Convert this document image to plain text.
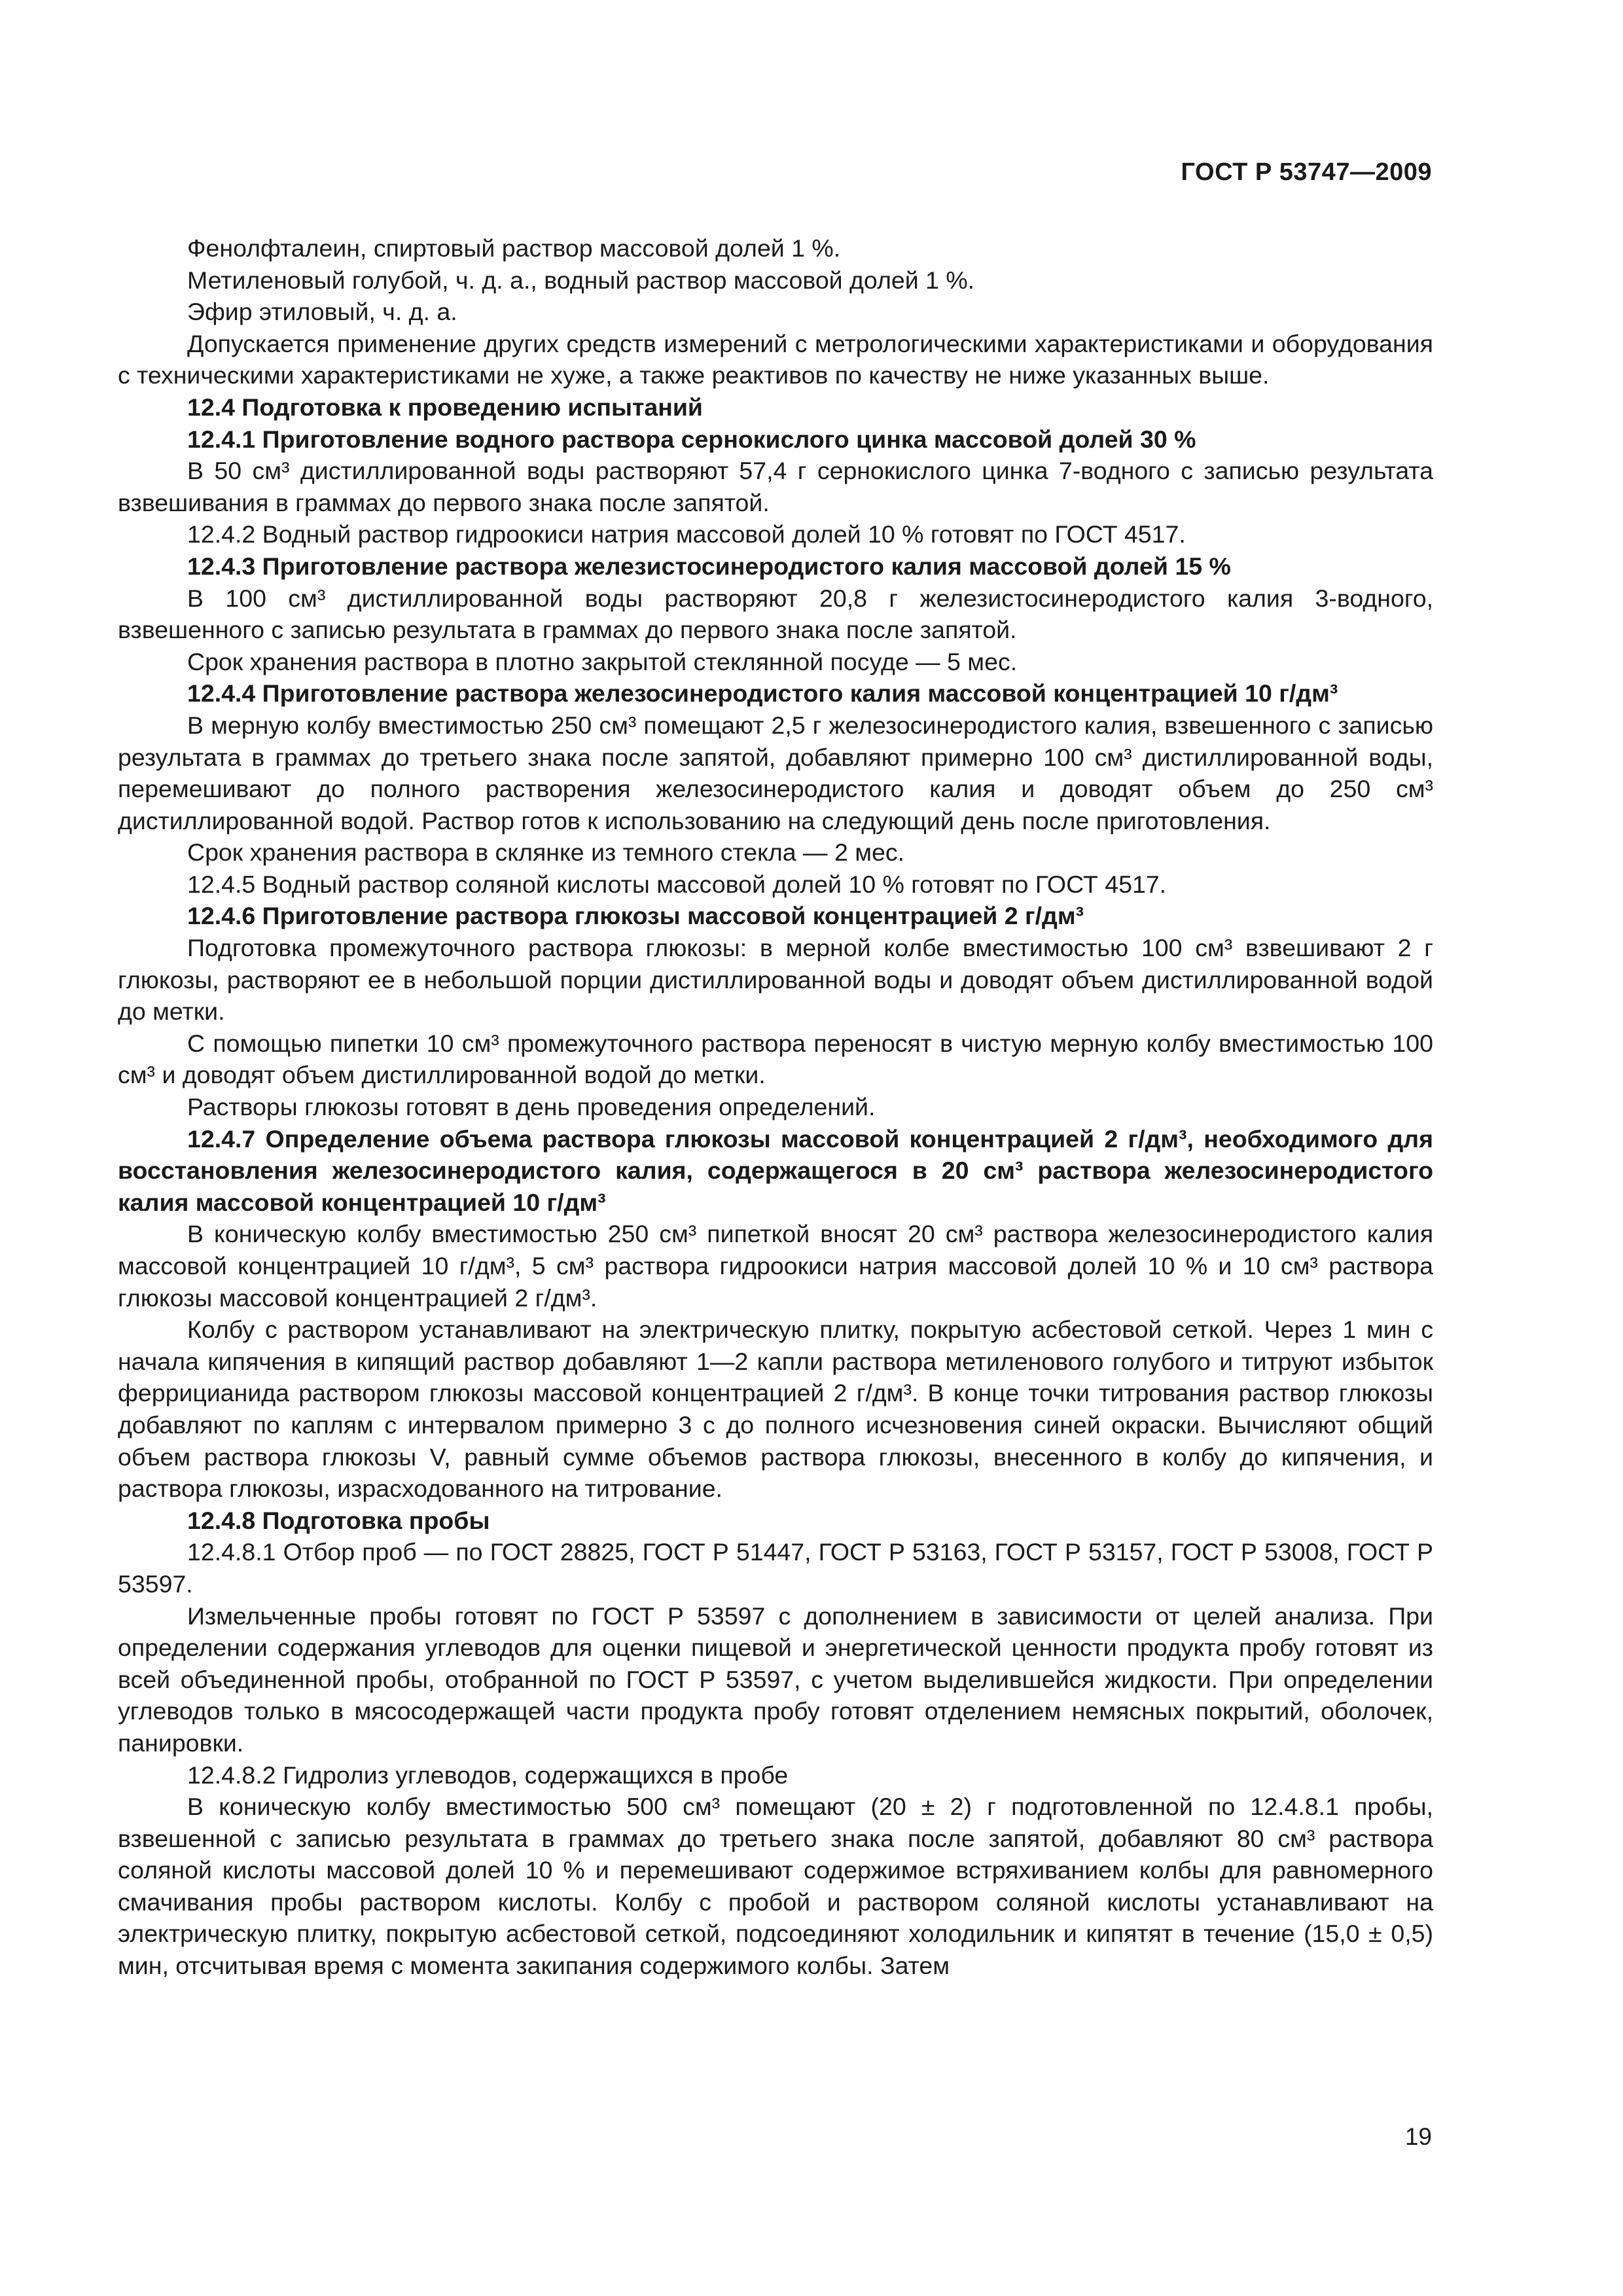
ГОСТ Р 53747—2009

Фенолфталеин, спиртовый раствор массовой долей 1 %.

Метиленовый голубой, ч. д. а., водный раствор массовой долей 1 %.

Эфир этиловый, ч. д. а.

Допускается применение других средств измерений с метрологическими характеристиками и оборудования с техническими характеристиками не хуже, а также реактивов по качеству не ниже указанных выше.

12.4 Подготовка к проведению испытаний

12.4.1 Приготовление водного раствора сернокислого цинка массовой долей 30 %

В 50 см³ дистиллированной воды растворяют 57,4 г сернокислого цинка 7-водного с записью результата взвешивания в граммах до первого знака после запятой.

12.4.2 Водный раствор гидроокиси натрия массовой долей 10 % готовят по ГОСТ 4517.

12.4.3 Приготовление раствора железистосинеродистого калия массовой долей 15 %

В 100 см³ дистиллированной воды растворяют 20,8 г железистосинеродистого калия 3-водного, взвешенного с записью результата в граммах до первого знака после запятой.

Срок хранения раствора в плотно закрытой стеклянной посуде — 5 мес.

12.4.4 Приготовление раствора железосинеродистого калия массовой концентрацией 10 г/дм³

В мерную колбу вместимостью 250 см³ помещают 2,5 г железосинеродистого калия, взвешенного с записью результата в граммах до третьего знака после запятой, добавляют примерно 100 см³ дистиллированной воды, перемешивают до полного растворения железосинеродистого калия и доводят объем до 250 см³ дистиллированной водой. Раствор готов к использованию на следующий день после приготовления.

Срок хранения раствора в склянке из темного стекла — 2 мес.

12.4.5 Водный раствор соляной кислоты массовой долей 10 % готовят по ГОСТ 4517.

12.4.6 Приготовление раствора глюкозы массовой концентрацией 2 г/дм³

Подготовка промежуточного раствора глюкозы: в мерной колбе вместимостью 100 см³ взвешивают 2 г глюкозы, растворяют ее в небольшой порции дистиллированной воды и доводят объем дистиллированной водой до метки.

С помощью пипетки 10 см³ промежуточного раствора переносят в чистую мерную колбу вместимостью 100 см³ и доводят объем дистиллированной водой до метки.

Растворы глюкозы готовят в день проведения определений.

12.4.7 Определение объема раствора глюкозы массовой концентрацией 2 г/дм³, необходимого для восстановления железосинеродистого калия, содержащегося в 20 см³ раствора железосинеродистого калия массовой концентрацией 10 г/дм³

В коническую колбу вместимостью 250 см³ пипеткой вносят 20 см³ раствора железосинеродистого калия массовой концентрацией 10 г/дм³, 5 см³ раствора гидроокиси натрия массовой долей 10 % и 10 см³ раствора глюкозы массовой концентрацией 2 г/дм³.

Колбу с раствором устанавливают на электрическую плитку, покрытую асбестовой сеткой. Через 1 мин с начала кипячения в кипящий раствор добавляют 1—2 капли раствора метиленового голубого и титруют избыток феррицианида раствором глюкозы массовой концентрацией 2 г/дм³. В конце точки титрования раствор глюкозы добавляют по каплям с интервалом примерно 3 с до полного исчезновения синей окраски. Вычисляют общий объем раствора глюкозы V, равный сумме объемов раствора глюкозы, внесенного в колбу до кипячения, и раствора глюкозы, израсходованного на титрование.

12.4.8 Подготовка пробы

12.4.8.1 Отбор проб — по ГОСТ 28825, ГОСТ Р 51447, ГОСТ Р 53163, ГОСТ Р 53157, ГОСТ Р 53008, ГОСТ Р 53597.

Измельченные пробы готовят по ГОСТ Р 53597 с дополнением в зависимости от целей анализа. При определении содержания углеводов для оценки пищевой и энергетической ценности продукта пробу готовят из всей объединенной пробы, отобранной по ГОСТ Р 53597, с учетом выделившейся жидкости. При определении углеводов только в мясосодержащей части продукта пробу готовят отделением немясных покрытий, оболочек, панировки.

12.4.8.2 Гидролиз углеводов, содержащихся в пробе

В коническую колбу вместимостью 500 см³ помещают (20 ± 2) г подготовленной по 12.4.8.1 пробы, взвешенной с записью результата в граммах до третьего знака после запятой, добавляют 80 см³ раствора соляной кислоты массовой долей 10 % и перемешивают содержимое встряхиванием колбы для равномерного смачивания пробы раствором кислоты. Колбу с пробой и раствором соляной кислоты устанавливают на электрическую плитку, покрытую асбестовой сеткой, подсоединяют холодильник и кипятят в течение (15,0 ± 0,5) мин, отсчитывая время с момента закипания содержимого колбы. Затем

19
